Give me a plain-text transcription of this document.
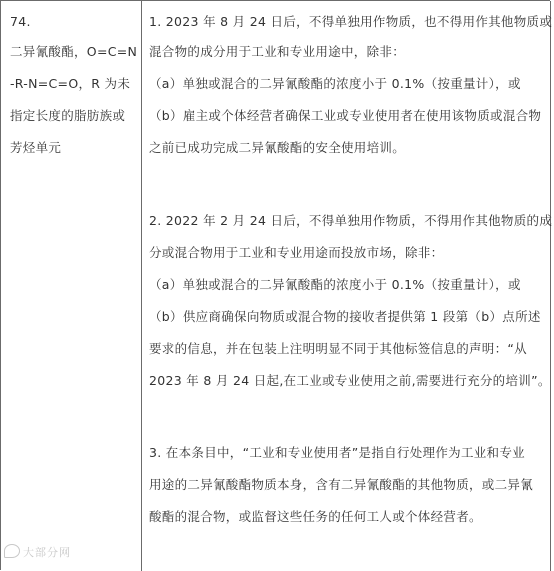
74.
二异氰酸酯，O=C=N
-R-N=C=O，R 为未
指定长度的脂肪族或
芳烃单元
1. 2023 年 8 月 24 日后，不得单独用作物质，也不得用作其他物质或
混合物的成分用于工业和专业用途中，除非：
（a）单独或混合的二异氰酸酯的浓度小于 0.1%（按重量计），或
（b）雇主或个体经营者确保工业或专业使用者在使用该物质或混合物
之前已成功完成二异氰酸酯的安全使用培训。
2. 2022 年 2 月 24 日后，不得单独用作物质，不得用作其他物质的成
分或混合物用于工业和专业用途而投放市场，除非：
（a）单独或混合的二异氰酸酯的浓度小于 0.1%（按重量计），或
（b）供应商确保向物质或混合物的接收者提供第 1 段第（b）点所述
要求的信息，并在包装上注明明显不同于其他标签信息的声明：“从
2023 年 8 月 24 日起,在工业或专业使用之前,需要进行充分的培训”。
3. 在本条目中，“工业和专业使用者”是指自行处理作为工业和专业
用途的二异氰酸酯物质本身，含有二异氰酸酯的其他物质，或二异氰
酸酯的混合物，或监督这些任务的任何工人或个体经营者。
大部分网
